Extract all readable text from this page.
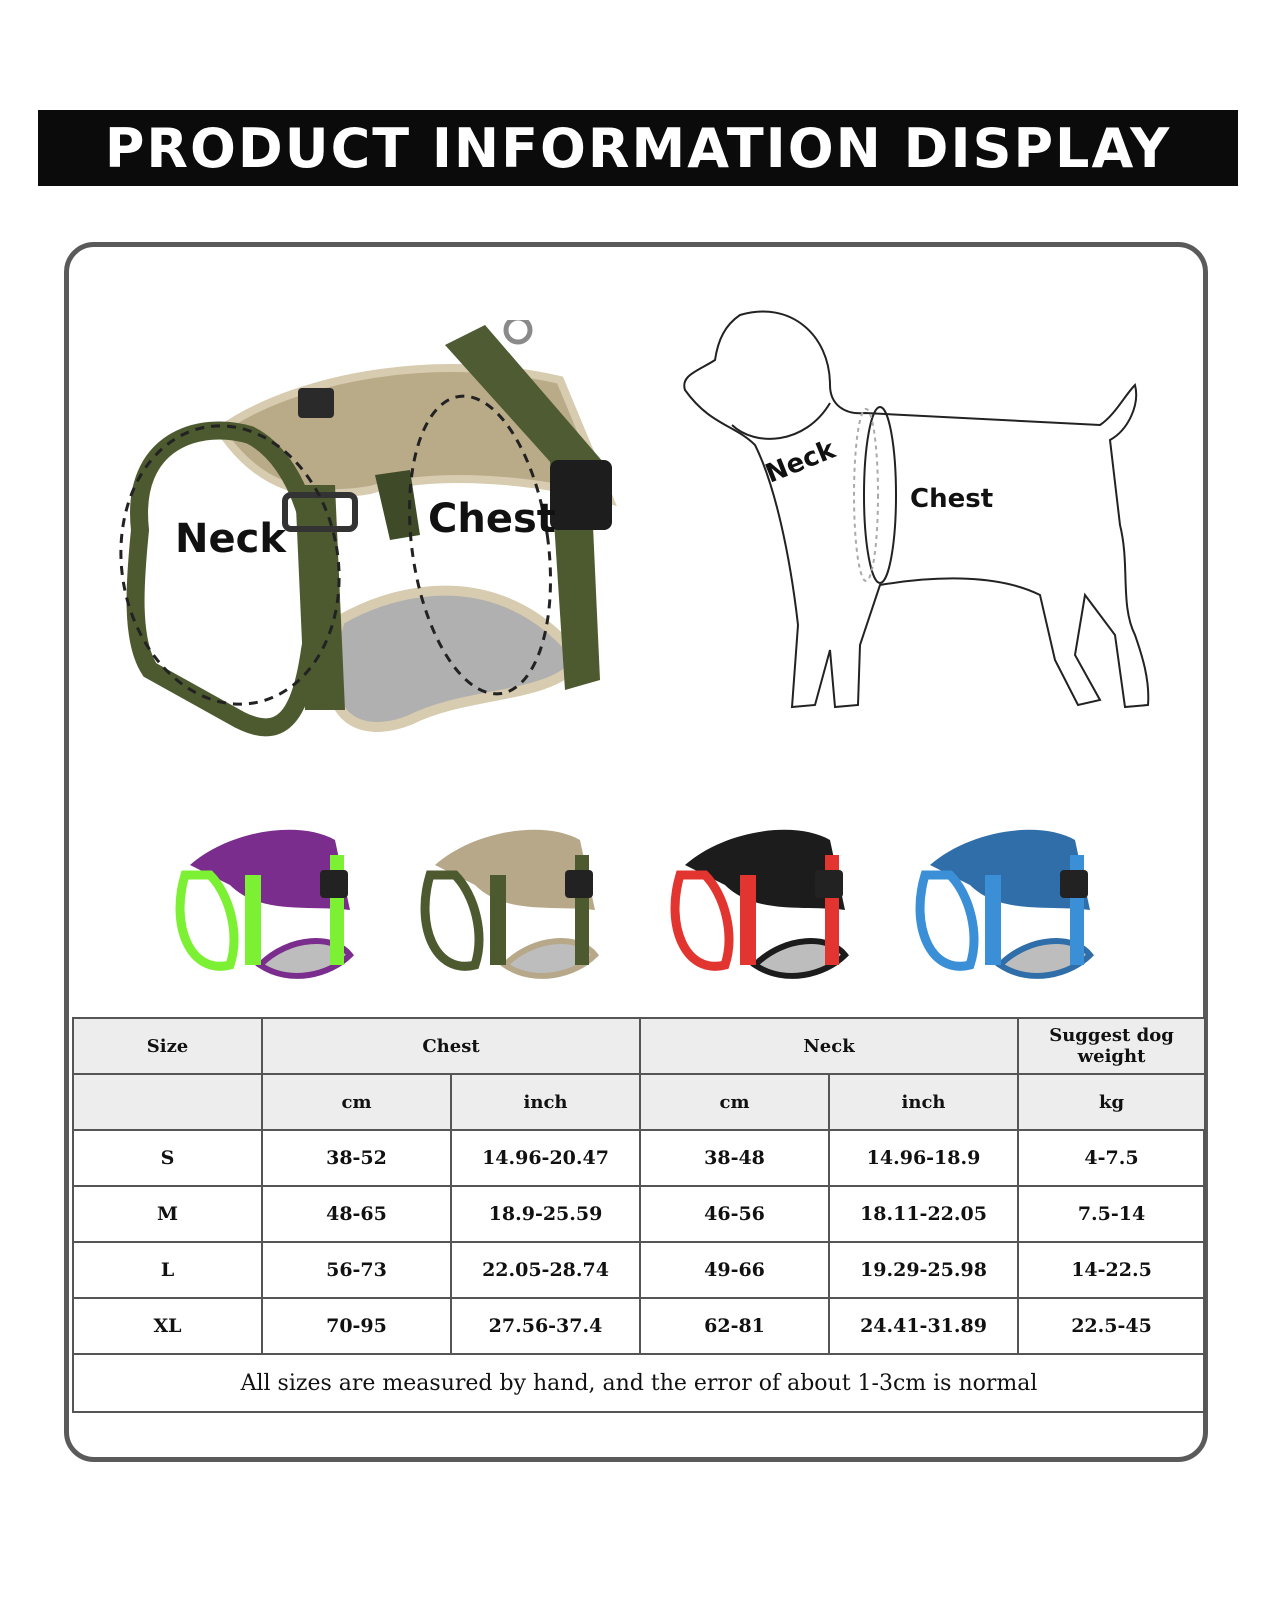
PRODUCT INFORMATION DISPLAY
Neck	Chest
Neck
Chest
Size	Chest		Neck		Suggest dog weight
	cm	inch	cm	inch	kg
S	38-52	14.96-20.47	38-48	14.96-18.9	4-7.5
M	48-65	18.9-25.59	46-56	18.11-22.05	7.5-14
L	56-73	22.05-28.74	49-66	19.29-25.98	14-22.5
XL	70-95	27.56-37.4	62-81	24.41-31.89	22.5-45
All sizes are measured by hand, and the error of about 1-3cm is normal					
